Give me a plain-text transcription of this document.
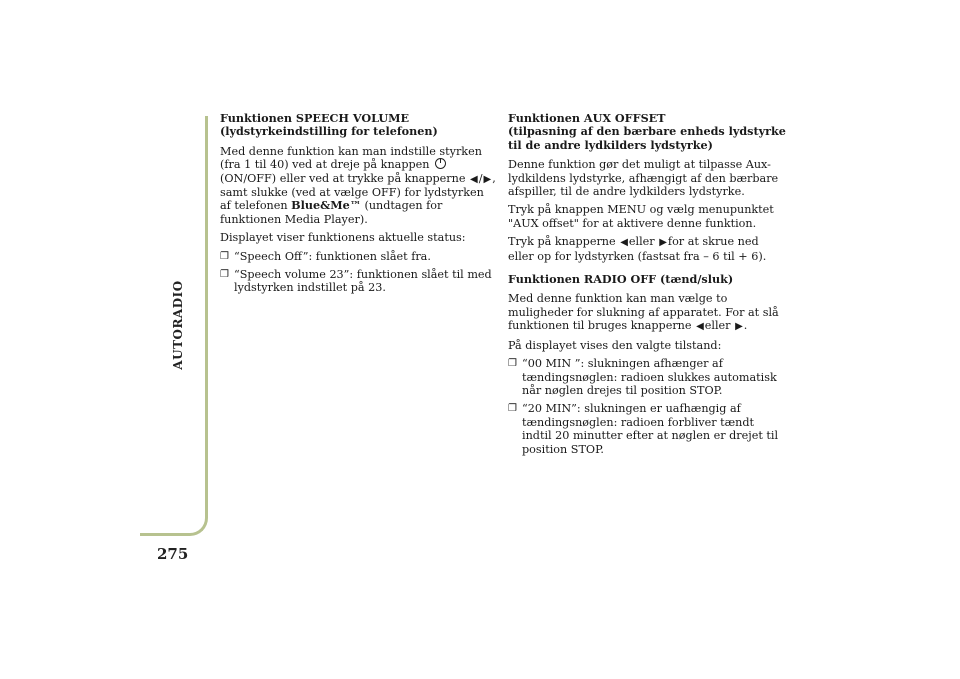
AUTORADIO
275
Funktionen SPEECH VOLUME
(lydstyrkeindstilling for telefonen)

Med denne funktion kan man indstille styrken (fra 1 til 40) ved at dreje på knappen  (ON/OFF) eller ved at trykke på knapperne ◀/▶, samt slukke (ved at vælge OFF) for lydstyrken af telefonen Blue&Me™ (undtagen for funktionen Media Player).

Displayet viser funktionens aktuelle status:

❐ “Speech Off”: funktionen slået fra.
❐ “Speech volume 23”: funktionen slået til med lydstyrken indstillet på 23.
Funktionen AUX OFFSET
(tilpasning af den bærbare enheds lydstyrke til de andre lydkilders lydstyrke)

Denne funktion gør det muligt at tilpasse Aux-lydkildens lydstyrke, afhængigt af den bærbare afspiller, til de andre lydkilders lydstyrke.

Tryk på knappen MENU og vælg menupunktet "AUX offset" for at aktivere denne funktion.

Tryk på knapperne ◀eller ▶for at skrue ned eller op for lydstyrken (fastsat fra – 6 til + 6).

Funktionen RADIO OFF (tænd/sluk)

Med denne funktion kan man vælge to muligheder for slukning af apparatet. For at slå funktionen til bruges knapperne ◀eller ▶.

På displayet vises den valgte tilstand:

❐ “00 MIN ”: slukningen afhænger af tændingsnøglen: radioen slukkes automatisk når nøglen drejes til position STOP.
❐ “20 MIN”: slukningen er uafhængig af tændingsnøglen: radioen forbliver tændt indtil 20 minutter efter at nøglen er drejet til position STOP.
